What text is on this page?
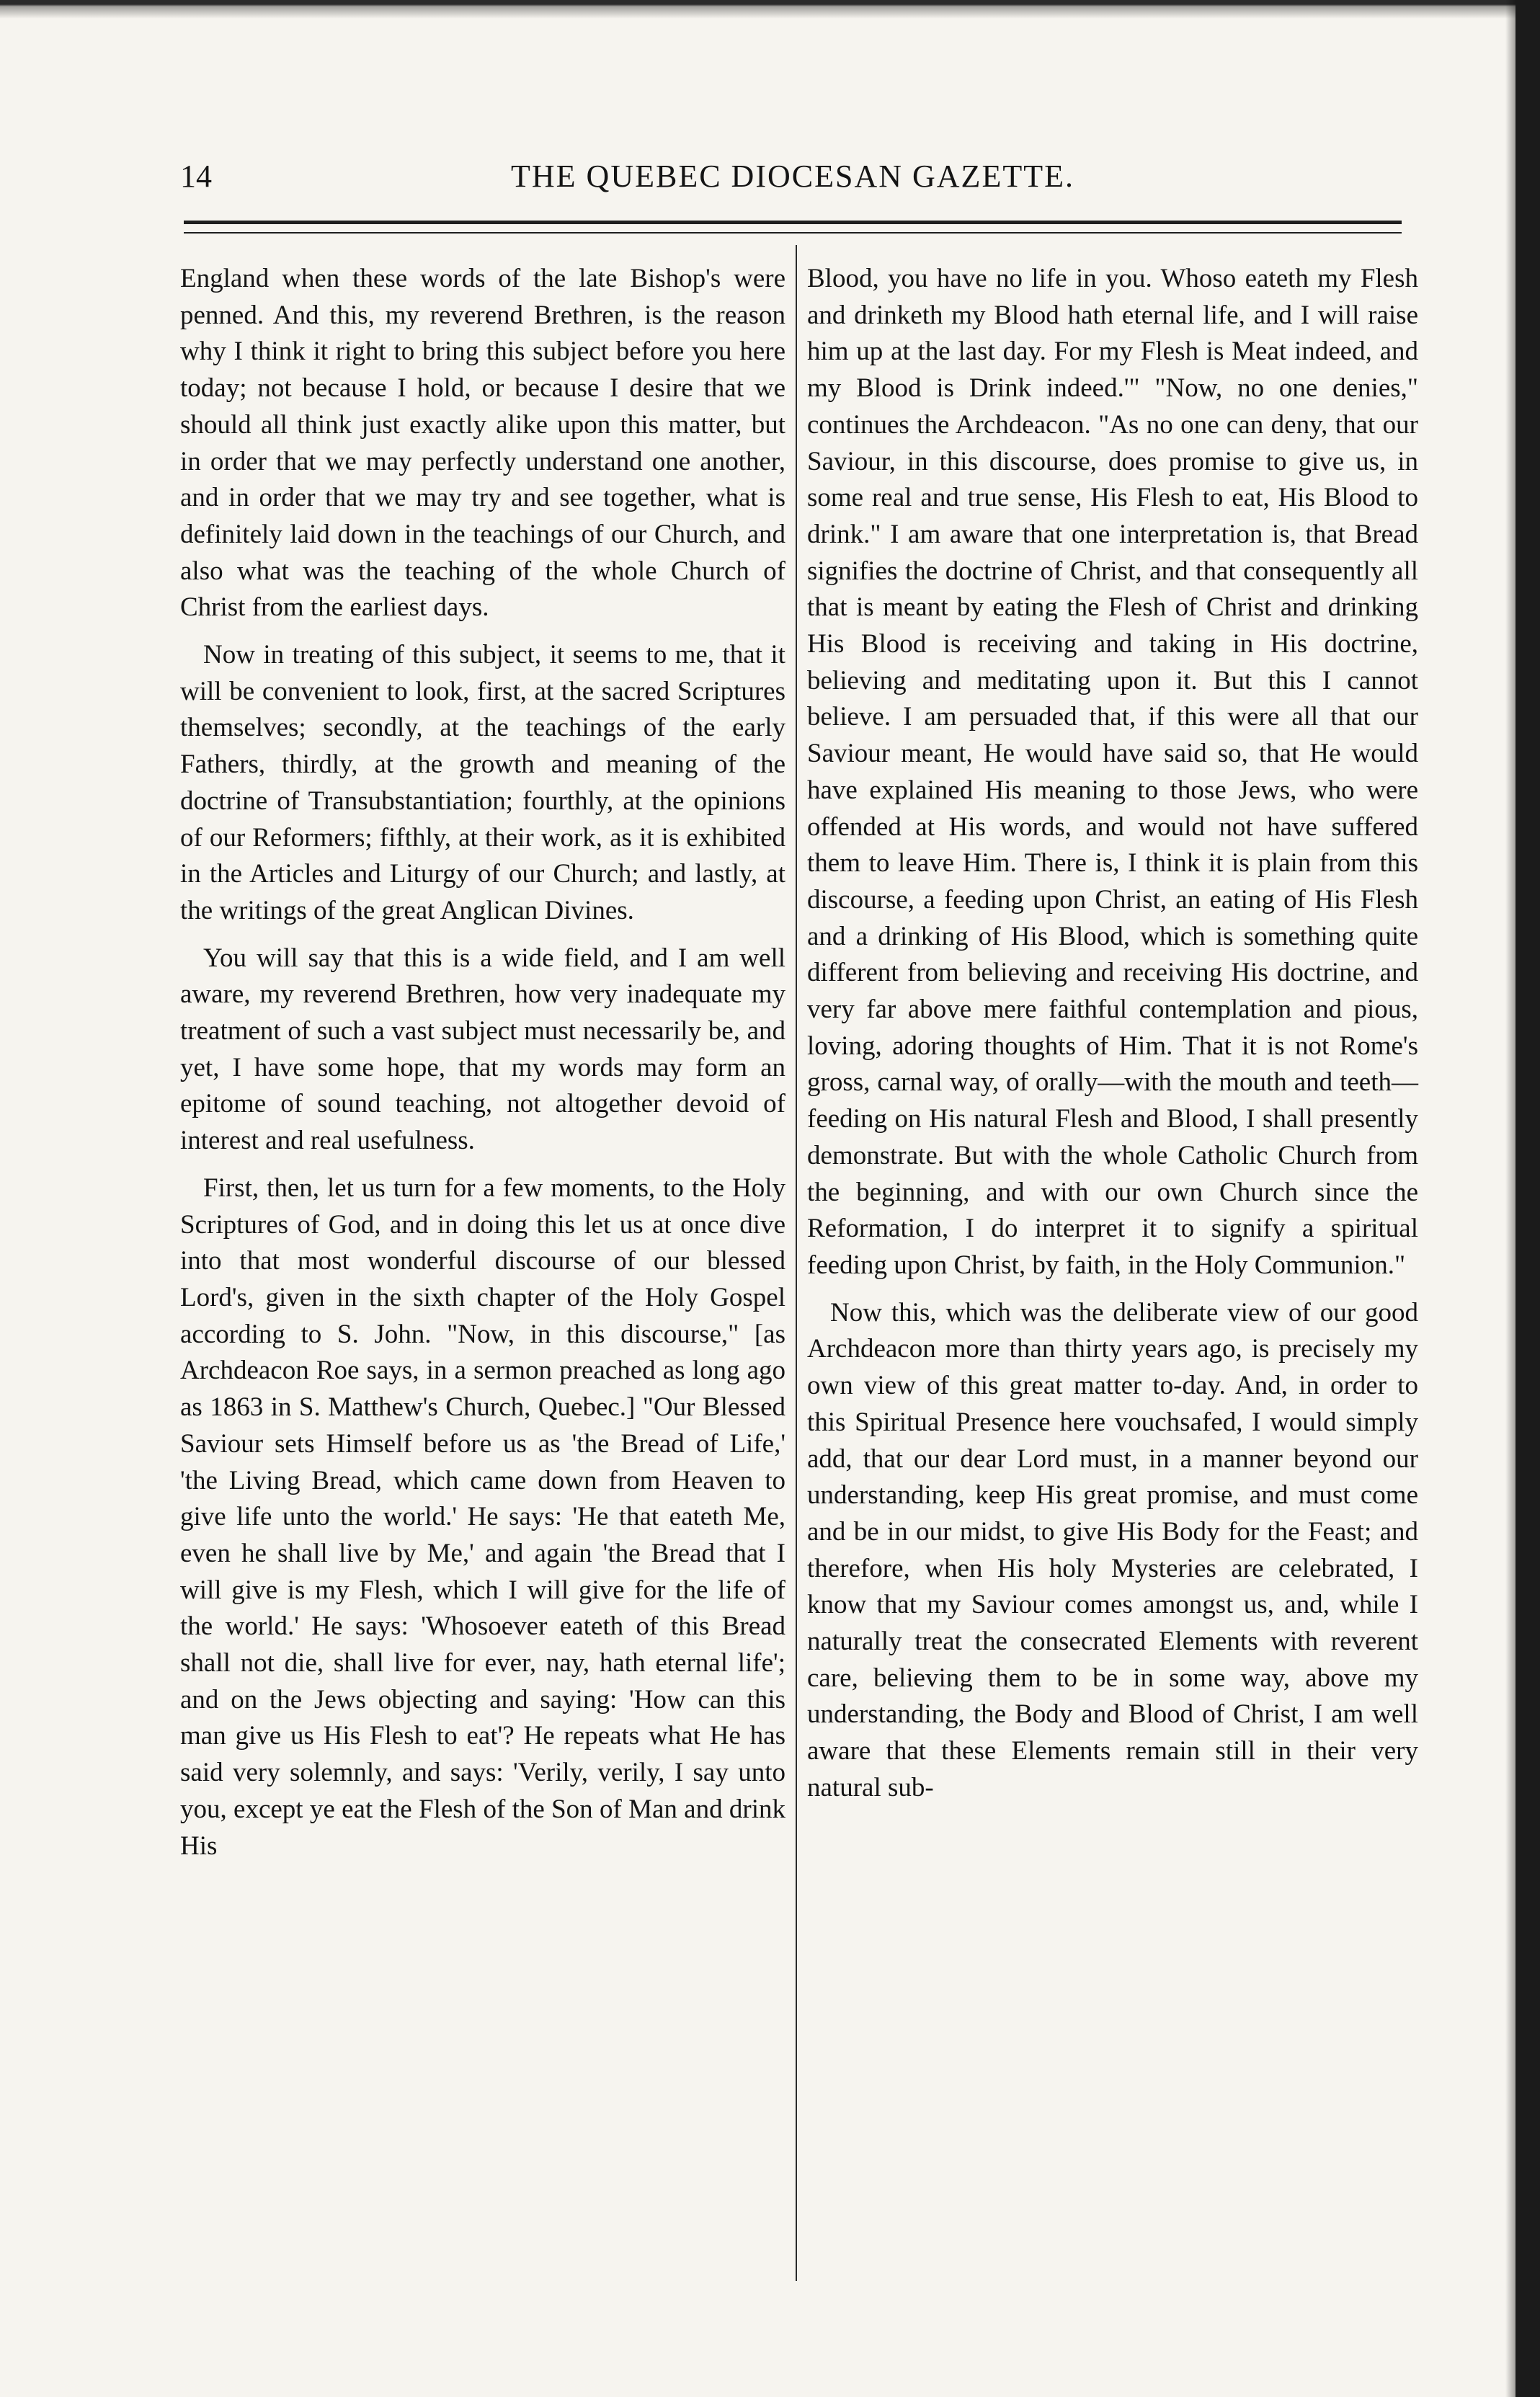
14	THE QUEBEC DIOCESAN GAZETTE.

England when these words of the late Bishop's were penned. And this, my reverend Brethren, is the reason why I think it right to bring this subject before you here today; not because I hold, or because I desire that we should all think just exactly alike upon this matter, but in order that we may perfectly understand one another, and in order that we may try and see together, what is definitely laid down in the teachings of our Church, and also what was the teaching of the whole Church of Christ from the earliest days.

Now in treating of this subject, it seems to me, that it will be convenient to look, first, at the sacred Scriptures themselves; secondly, at the teachings of the early Fathers, thirdly, at the growth and meaning of the doctrine of Transubstantiation; fourthly, at the opinions of our Reformers; fifthly, at their work, as it is exhibited in the Articles and Liturgy of our Church; and lastly, at the writings of the great Anglican Divines.

You will say that this is a wide field, and I am well aware, my reverend Brethren, how very inadequate my treatment of such a vast subject must necessarily be, and yet, I have some hope, that my words may form an epitome of sound teaching, not altogether devoid of interest and real usefulness.

First, then, let us turn for a few moments, to the Holy Scriptures of God, and in doing this let us at once dive into that most wonderful discourse of our blessed Lord's, given in the sixth chapter of the Holy Gospel according to S. John. "Now, in this discourse," [as Archdeacon Roe says, in a sermon preached as long ago as 1863 in S. Matthew's Church, Quebec.] "Our Blessed Saviour sets Himself before us as 'the Bread of Life,' 'the Living Bread, which came down from Heaven to give life unto the world.' He says: 'He that eateth Me, even he shall live by Me,' and again 'the Bread that I will give is my Flesh, which I will give for the life of the world.' He says: 'Whosoever eateth of this Bread shall not die, shall live for ever, nay, hath eternal life'; and on the Jews objecting and saying: 'How can this man give us His Flesh to eat'? He repeats what He has said very solemnly, and says: 'Verily, verily, I say unto you, except ye eat the Flesh of the Son of Man and drink His

Blood, you have no life in you. Whoso eateth my Flesh and drinketh my Blood hath eternal life, and I will raise him up at the last day. For my Flesh is Meat indeed, and my Blood is Drink indeed.'" "Now, no one denies," continues the Archdeacon. "As no one can deny, that our Saviour, in this discourse, does promise to give us, in some real and true sense, His Flesh to eat, His Blood to drink." I am aware that one interpretation is, that Bread signifies the doctrine of Christ, and that consequently all that is meant by eating the Flesh of Christ and drinking His Blood is receiving and taking in His doctrine, believing and meditating upon it. But this I cannot believe. I am persuaded that, if this were all that our Saviour meant, He would have said so, that He would have explained His meaning to those Jews, who were offended at His words, and would not have suffered them to leave Him. There is, I think it is plain from this discourse, a feeding upon Christ, an eating of His Flesh and a drinking of His Blood, which is something quite different from believing and receiving His doctrine, and very far above mere faithful contemplation and pious, loving, adoring thoughts of Him. That it is not Rome's gross, carnal way, of orally—with the mouth and teeth—feeding on His natural Flesh and Blood, I shall presently demonstrate. But with the whole Catholic Church from the beginning, and with our own Church since the Reformation, I do interpret it to signify a spiritual feeding upon Christ, by faith, in the Holy Communion."

Now this, which was the deliberate view of our good Archdeacon more than thirty years ago, is precisely my own view of this great matter to-day. And, in order to this Spiritual Presence here vouchsafed, I would simply add, that our dear Lord must, in a manner beyond our understanding, keep His great promise, and must come and be in our midst, to give His Body for the Feast; and therefore, when His holy Mysteries are celebrated, I know that my Saviour comes amongst us, and, while I naturally treat the consecrated Elements with reverent care, believing them to be in some way, above my understanding, the Body and Blood of Christ, I am well aware that these Elements remain still in their very natural sub-
